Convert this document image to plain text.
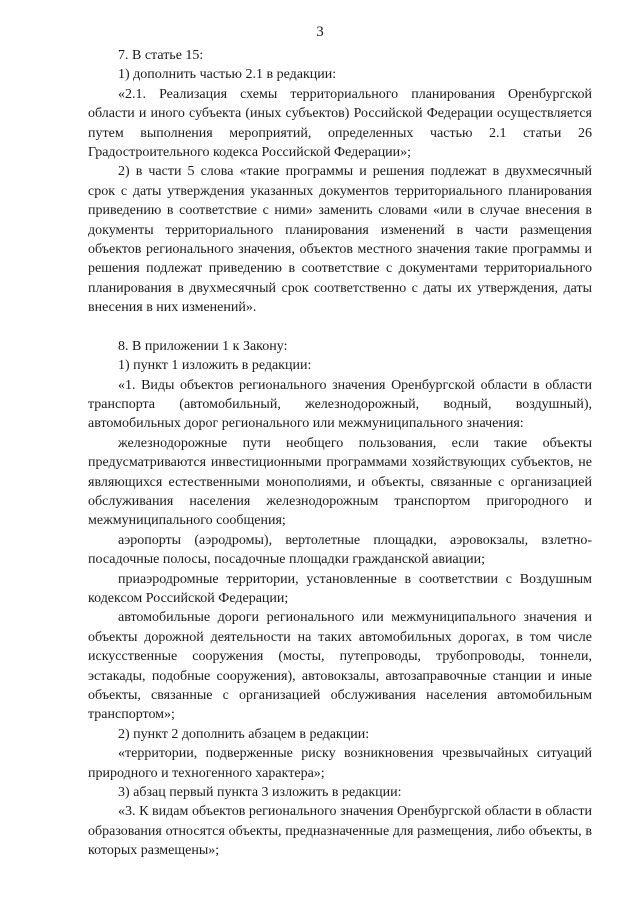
3

7. В статье 15:

1) дополнить частью 2.1 в редакции:

«2.1. Реализация схемы территориального планирования Оренбургской области и иного субъекта (иных субъектов) Российской Федерации осуществляется путем выполнения мероприятий, определенных частью 2.1 статьи 26 Градостроительного кодекса Российской Федерации»;

2) в части 5 слова «такие программы и решения подлежат в двухмесячный срок с даты утверждения указанных документов территориального планирования приведению в соответствие с ними» заменить словами «или в случае внесения в документы территориального планирования изменений в части размещения объектов регионального значения, объектов местного значения такие программы и решения подлежат приведению в соответствие с документами территориального планирования в двухмесячный срок соответственно с даты их утверждения, даты внесения в них изменений».

8. В приложении 1 к Закону:

1) пункт 1 изложить в редакции:

«1. Виды объектов регионального значения Оренбургской области в области транспорта (автомобильный, железнодорожный, водный, воздушный), автомобильных дорог регионального или межмуниципального значения:

железнодорожные пути необщего пользования, если такие объекты предусматриваются инвестиционными программами хозяйствующих субъектов, не являющихся естественными монополиями, и объекты, связанные с организацией обслуживания населения железнодорожным транспортом пригородного и межмуниципального сообщения;

аэропорты (аэродромы), вертолетные площадки, аэровокзалы, взлетно-посадочные полосы, посадочные площадки гражданской авиации;

приаэродромные территории, установленные в соответствии с Воздушным кодексом Российской Федерации;

автомобильные дороги регионального или межмуниципального значения и объекты дорожной деятельности на таких автомобильных дорогах, в том числе искусственные сооружения (мосты, путепроводы, трубопроводы, тоннели, эстакады, подобные сооружения), автовокзалы, автозаправочные станции и иные объекты, связанные с организацией обслуживания населения автомобильным транспортом»;

2) пункт 2 дополнить абзацем в редакции:

«территории, подверженные риску возникновения чрезвычайных ситуаций природного и техногенного характера»;

3) абзац первый пункта 3 изложить в редакции:

«3. К видам объектов регионального значения Оренбургской области в области образования относятся объекты, предназначенные для размещения, либо объекты, в которых размещены»;
